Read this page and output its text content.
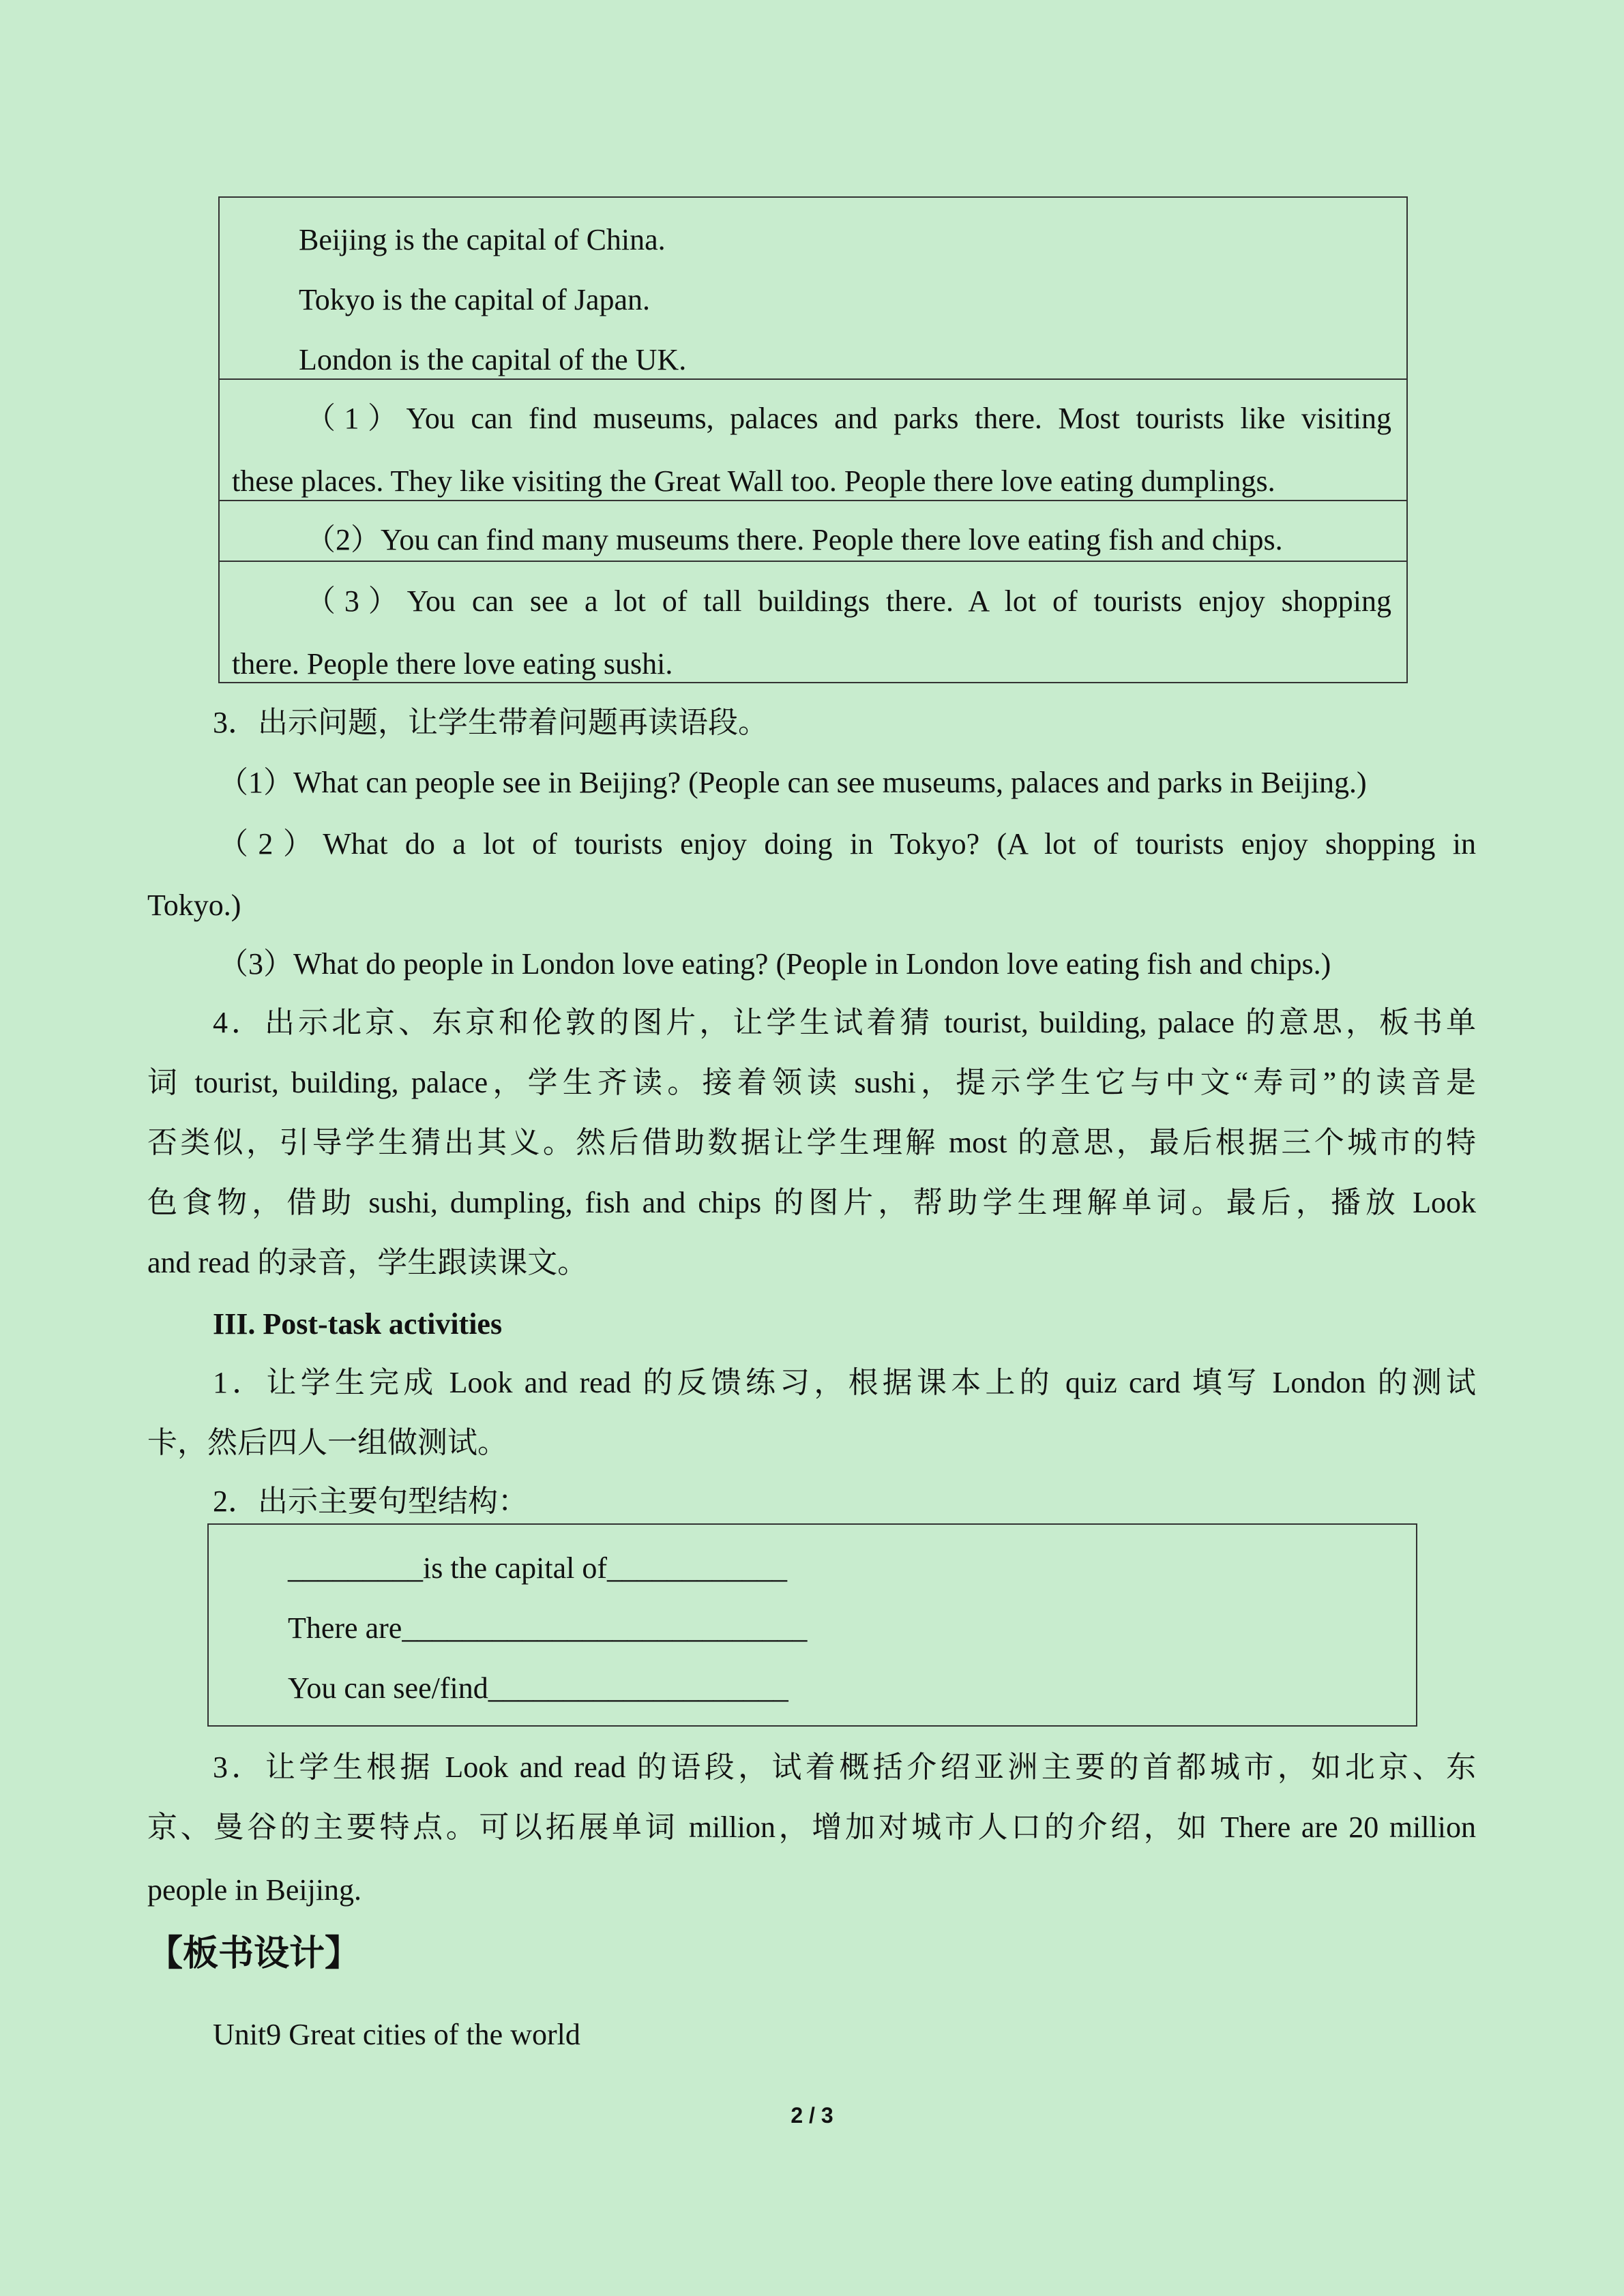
Beijing is the capital of China.
Tokyo is the capital of Japan.
London is the capital of the UK.
（1）You can find museums, palaces and parks there. Most tourists like visiting
these places. They like visiting the Great Wall too. People there love eating dumplings.
（2）You can find many museums there. People there love eating fish and chips.
（3）You can see a lot of tall buildings there. A lot of tourists enjoy shopping
there. People there love eating sushi.
3．出示问题，让学生带着问题再读语段。
（1）What can people see in Beijing? (People can see museums, palaces and parks in Beijing.)
（2）What do a lot of tourists enjoy doing in Tokyo? (A lot of tourists enjoy shopping in
Tokyo.)
（3）What do people in London love eating? (People in London love eating fish and chips.)
4．出示北京、东京和伦敦的图片，让学生试着猜 tourist, building, palace 的意思，板书单
词 tourist, building, palace，学生齐读。接着领读 sushi，提示学生它与中文“寿司”的读音是
否类似，引导学生猜出其义。然后借助数据让学生理解 most 的意思，最后根据三个城市的特
色食物，借助 sushi, dumpling, fish and chips 的图片，帮助学生理解单词。最后，播放 Look
and read 的录音，学生跟读课文。
III. Post-task activities
1．让学生完成 Look and read 的反馈练习，根据课本上的 quiz card 填写 London 的测试
卡，然后四人一组做测试。
2．出示主要句型结构：
_________is the capital of____________
There are___________________________
You can see/find____________________
3．让学生根据 Look and read 的语段，试着概括介绍亚洲主要的首都城市，如北京、东
京、曼谷的主要特点。可以拓展单词 million，增加对城市人口的介绍，如 There are 20 million
people in Beijing.
【板书设计】
Unit9 Great cities of the world
2 / 3
